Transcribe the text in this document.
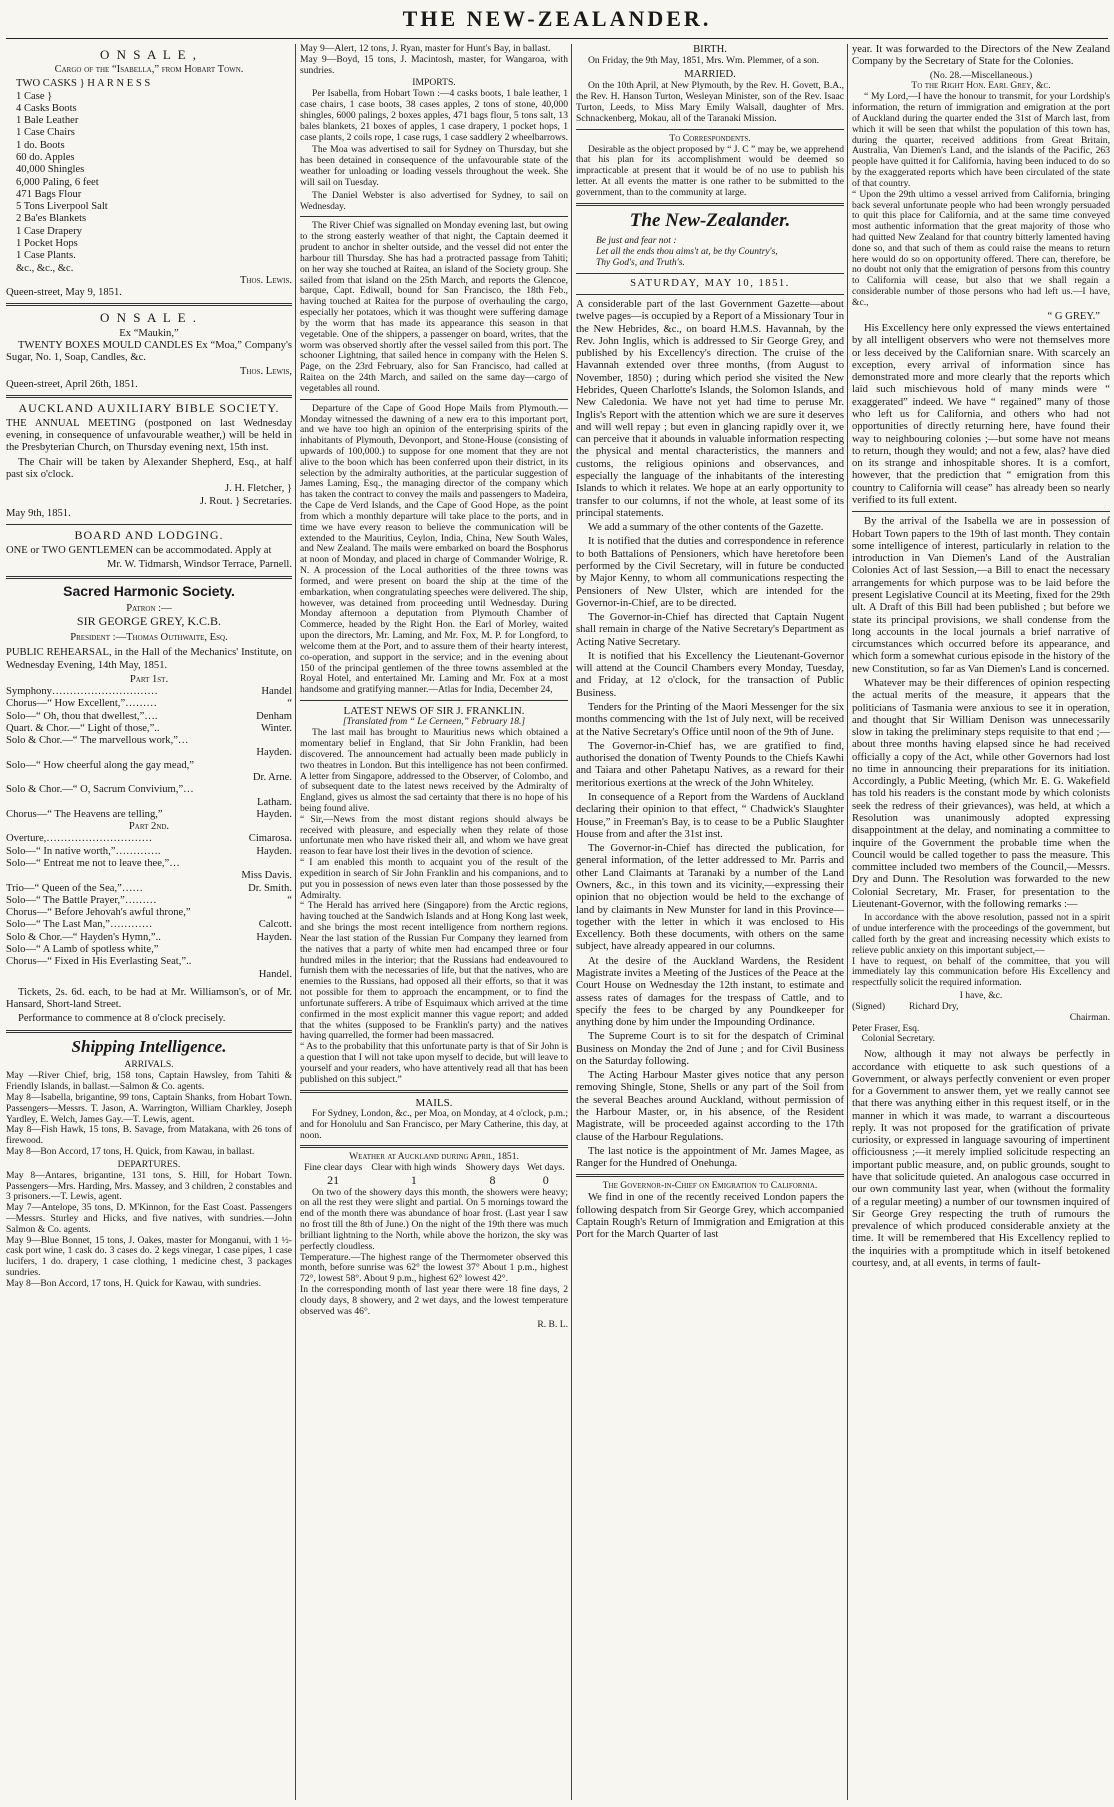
THE NEW-ZEALANDER.
O N S A L E ,
Cargo of the “Isabella,” from Hobart Town.
TWO CASKS } H A R N E S S
1 Case }
4 Casks Boots
1 Bale Leather
1 Case Chairs
1 do. Boots
60 do. Apples
40,000 Shingles
6,000 Paling, 6 feet
471 Bags Flour
5 Tons Liverpool Salt
2 Ba'es Blankets
1 Case Drapery
1 Pocket Hops
1 Case Plants.
&c., &c., &c.
Thos. Lewis.
Queen-street, May 9, 1851.
O N S A L E .
Ex “Maukin,”

TWENTY BOXES MOULD CANDLES Ex “Moa,” Company's Sugar, No. 1, Soap, Candles, &c.

Thos. Lewis,
Queen-street, April 26th, 1851.
AUCKLAND AUXILIARY BIBLE SOCIETY.

THE ANNUAL MEETING (postponed on last Wednesday evening, in consequence of unfavourable weather,) will be held in the Presbyterian Church, on Thursday evening next, 15th inst.

The Chair will be taken by Alexander Shepherd, Esq., at half past six o'clock.

J. H. Fletcher, }
J. Rout. } Secretaries.
May 9th, 1851.
BOARD AND LODGING.

ONE or TWO GENTLEMEN can be accommodated. Apply at

Mr. W. Tidmarsh, Windsor Terrace, Parnell.
Sacred Harmonic Society.
Patron :—
SIR GEORGE GREY, K.C.B.
President :—Thomas Outhwaite, Esq.

PUBLIC REHEARSAL, in the Hall of the Mechanics' Institute, on Wednesday Evening, 14th May, 1851.

Part 1st.
Symphony…………………………	Handel
Chorus—“ How Excellent,”………	“
Solo—“ Oh, thou that dwellest,”….	Denham
Quart. & Chor.—“ Light of those,”..	Winter.
Solo & Chor.—“ The marvellous work,”…
Hayden.
Solo—“ How cheerful along the gay mead,”
Dr. Arne.
Solo & Chor.—“ O, Sacrum Convivium,”…
Latham.
Chorus—“ The Heavens are telling,”	Hayden.
Part 2nd.
Overture,…………………………	Cimarosa.
Solo—“ In native worth,”………….	Hayden.
Solo—“ Entreat me not to leave thee,”…
Miss Davis.
Trio—“ Queen of the Sea,”……	Dr. Smith.
Solo—“ The Battle Prayer,”………	“
Chorus—“ Before Jehovah's awful throne,”
Solo—“ The Last Man,”…………	Calcott.
Solo & Chor.—“ Hayden's Hymn,”..	Hayden.
Solo—“ A Lamb of spotless white,”
Chorus—“ Fixed in His Everlasting Seat,”..
Handel.

Tickets, 2s. 6d. each, to be had at Mr. Williamson's, or of Mr. Hansard, Short-land Street.

Performance to commence at 8 o'clock precisely.

Shipping Intelligence.
ARRIVALS.

May —River Chief, brig, 158 tons, Captain Hawsley, from Tahiti & Friendly Islands, in ballast.—Salmon & Co. agents.
May 8—Isabella, brigantine, 99 tons, Captain Shanks, from Hobart Town. Passengers—Messrs. T. Jason, A. Warrington, William Charkley, Joseph Yardley, E. Welch, James Gay.—T. Lewis, agent.
May 8—Fish Hawk, 15 tons, B. Savage, from Matakana, with 26 tons of firewood.
May 8—Bon Accord, 17 tons, H. Quick, from Kawau, in ballast.

DEPARTURES.

May 8—Antares, brigantine, 131 tons, S. Hill, for Hobart Town. Passengers—Mrs. Harding, Mrs. Massey, and 3 children, 2 constables and 3 prisoners.—T. Lewis, agent.
May 7—Antelope, 35 tons, D. M'Kinnon, for the East Coast. Passengers—Messrs. Sturley and Hicks, and five natives, with sundries.—John Salmon & Co. agents.
May 9—Blue Bonnet, 15 tons, J. Oakes, master for Monganui, with 1 ½-cask port wine, 1 cask do. 3 cases do. 2 kegs vinegar, 1 case pipes, 1 case lucifers, 1 do. drapery, 1 case clothing, 1 medicine chest, 3 packages sundries.
May 8—Bon Accord, 17 tons, H. Quick for Kawau, with sundries.

May 9—Alert, 12 tons, J. Ryan, master for Hunt's Bay, in ballast.
May 9—Boyd, 15 tons, J. Macintosh, master, for Wangaroa, with sundries.

IMPORTS.

Per Isabella, from Hobart Town :—4 casks boots, 1 bale leather, 1 case chairs, 1 case boots, 38 cases apples, 2 tons of stone, 40,000 shingles, 6000 palings, 2 boxes apples, 471 bags flour, 5 tons salt, 13 bales blankets, 21 boxes of apples, 1 case drapery, 1 pocket hops, 1 case plants, 2 coils rope, 1 case rugs, 1 case saddlery 2 wheelbarrows.

The Moa was advertised to sail for Sydney on Thursday, but she has been detained in consequence of the unfavourable state of the weather for unloading or loading vessels throughout the week. She will sail on Tuesday.

The Daniel Webster is also advertised for Sydney, to sail on Wednesday.

The River Chief was signalled on Monday evening last, but owing to the strong easterly weather of that night, the Captain deemed it prudent to anchor in shelter outside, and the vessel did not enter the harbour till Thursday. She has had a protracted passage from Tahiti; on her way she touched at Raitea, an island of the Society group. She sailed from that island on the 25th March, and reports the Glencoe, barque, Capt. Ediwall, bound for San Francisco, the 18th Feb., having touched at Raitea for the purpose of overhauling the cargo, especially her potatoes, which it was thought were suffering damage by the worm that has made its appearance this season in that vegetable. One of the shippers, a passenger on board, writes, that the worm was observed shortly after the vessel sailed from this port. The schooner Lightning, that sailed hence in company with the Helen S. Page, on the 23rd February, also for San Francisco, had called at Raitea on the 24th March, and sailed on the same day—cargo of vegetables all round.

Departure of the Cape of Good Hope Mails from Plymouth.—Monday witnessed the dawning of a new era to this important port, and we have too high an opinion of the enterprising spirits of the inhabitants of Plymouth, Devonport, and Stone-House (consisting of upwards of 100,000.) to suppose for one moment that they are not alive to the boon which has been conferred upon their district, in its selection by the admiralty authorities, at the particular suggestion of James Laming, Esq., the managing director of the company which has taken the contract to convey the mails and passengers to Madeira, the Cape de Verd Islands, and the Cape of Good Hope, as the point from which a monthly departure will take place to the ports, and in time we have every reason to believe the communication will be extended to the Mauritius, Ceylon, India, China, New South Wales, and New Zealand. The mails were embarked on board the Bosphorus at noon of Monday, and placed in charge of Commander Wolrige, R. N. A procession of the Local authorities of the three towns was formed, and were present on board the ship at the time of the embarkation, when congratulating speeches were delivered. The ship, however, was detained from proceeding until Wednesday. During Monday afternoon a deputation from Plymouth Chamber of Commerce, headed by the Right Hon. the Earl of Morley, waited upon the directors, Mr. Laming, and Mr. Fox, M. P. for Longford, to welcome them at the Port, and to assure them of their hearty interest, co-operation, and support in the service; and in the evening about 150 of the principal gentlemen of the three towns assembled at the Royal Hotel, and entertained Mr. Laming and Mr. Fox at a most handsome and gratifying manner.—Atlas for India, December 24,

LATEST NEWS OF SIR J. FRANKLIN.
[Translated from “ Le Cerneen,” February 18.]

The last mail has brought to Mauritius news which obtained a momentary belief in England, that Sir John Franklin, had been discovered. The announcement had actually been made publicly in two theatres in London. But this intelligence has not been confirmed. A letter from Singapore, addressed to the Observer, of Colombo, and of subsequent date to the latest news received by the Admiralty of England, gives us almost the sad certainty that there is no hope of his being found alive.
“ Sir,—News from the most distant regions should always be received with pleasure, and especially when they relate of those unfortunate men who have risked their all, and whom we have great reason to fear have lost their lives in the devotion of science.
“ I am enabled this month to acquaint you of the result of the expedition in search of Sir John Franklin and his companions, and to put you in possession of news even later than those possessed by the Admiralty.
“ The Herald has arrived here (Singapore) from the Arctic regions, having touched at the Sandwich Islands and at Hong Kong last week, and she brings the most recent intelligence from northern regions. Near the last station of the Russian Fur Company they learned from the natives that a party of white men had encamped three or four hundred miles in the interior; that the Russians had endeavoured to furnish them with the necessaries of life, but that the natives, who are enemies to the Russians, had opposed all their efforts, so that it was not possible for them to approach the encampment, or to find the unfortunate sufferers. A tribe of Esquimaux which arrived at the time confirmed in the most explicit manner this vague report; and added that the whites (supposed to be Franklin's party) and the natives having quarrelled, the former had been massacred.
“ As to the probability that this unfortunate party is that of Sir John is a question that I will not take upon myself to decide, but will leave to yourself and your readers, who have attentively read all that has been published on this subject.”

MAILS.

For Sydney, London, &c., per Moa, on Monday, at 4 o'clock, p.m.; and for Honolulu and San Francisco, per Mary Catherine, this day, at noon.

Weather at Auckland during April, 1851.
Fine clear days	Clear with high winds	Showery days	Wet days.
21	1	8	0

On two of the showery days this month, the showers were heavy; on all the rest they were slight and partial. On 5 mornings toward the end of the month there was abundance of hoar frost. (Last year I saw no frost till the 8th of June.) On the night of the 19th there was much brilliant lightning to the North, while above the horizon, the sky was perfectly cloudless.
Temperature.—The highest range of the Thermometer observed this month, before sunrise was 62° the lowest 37° About 1 p.m., highest 72°, lowest 58°. About 9 p.m., highest 62° lowest 42°.
In the corresponding month of last year there were 18 fine days, 2 cloudy days, 8 showery, and 2 wet days, and the lowest temperature observed was 46°.

R. B. L.
BIRTH.

On Friday, the 9th May, 1851, Mrs. Wm. Plemmer, of a son.

MARRIED.

On the 10th April, at New Plymouth, by the Rev. H. Govett, B.A., the Rev. H. Hanson Turton, Wesleyan Minister, son of the Rev. Isaac Turton, Leeds, to Miss Mary Emily Walsall, daughter of Mrs. Schnackenberg, Mokau, all of the Taranaki Mission.

To Correspondents.

Desirable as the object proposed by “ J. C ” may be, we apprehend that his plan for its accomplishment would be deemed so impracticable at present that it would be of no use to publish his letter. At all events the matter is one rather to be submitted to the government, than to the community at large.

The New-Zealander.
Be just and fear not :
Let all the ends thou aims't at, be thy Country's,
Thy God's, and Truth's.
SATURDAY, MAY 10, 1851.

A considerable part of the last Government Gazette—about twelve pages—is occupied by a Report of a Missionary Tour in the New Hebrides, &c., on board H.M.S. Havannah, by the Rev. John Inglis, which is addressed to Sir George Grey, and published by his Excellency's direction. The cruise of the Havannah extended over three months, (from August to November, 1850) ; during which period she visited the New Hebrides, Queen Charlotte's Islands, the Solomon Islands, and New Caledonia. We have not yet had time to peruse Mr. Inglis's Report with the attention which we are sure it deserves and will well repay ; but even in glancing rapidly over it, we can perceive that it abounds in valuable information respecting the physical and mental characteristics, the manners and customs, the religious opinions and observances, and especially the language of the inhabitants of the interesting Islands to which it relates. We hope at an early opportunity to transfer to our columns, if not the whole, at least some of its principal statements.

We add a summary of the other contents of the Gazette.

It is notified that the duties and correspondence in reference to both Battalions of Pensioners, which have heretofore been performed by the Civil Secretary, will in future be conducted by Major Kenny, to whom all communications respecting the Pensioners of New Ulster, which are intended for the Governor-in-Chief, are to be directed.

The Governor-in-Chief has directed that Captain Nugent shall remain in charge of the Native Secretary's Department as Acting Native Secretary.

It is notified that his Excellency the Lieutenant-Governor will attend at the Council Chambers every Monday, Tuesday, and Friday, at 12 o'clock, for the transaction of Public Business.

Tenders for the Printing of the Maori Messenger for the six months commencing with the 1st of July next, will be received at the Native Secretary's Office until noon of the 9th of June.

The Governor-in-Chief has, we are gratified to find, authorised the donation of Twenty Pounds to the Chiefs Kawhi and Taiara and other Pahetapu Natives, as a reward for their meritorious exertions at the wreck of the John Whiteley.

In consequence of a Report from the Wardens of Auckland declaring their opinion to that effect, “ Chadwick's Slaughter House,” in Freeman's Bay, is to cease to be a Public Slaughter House from and after the 31st inst.

The Governor-in-Chief has directed the publication, for general information, of the letter addressed to Mr. Parris and other Land Claimants at Taranaki by a number of the Land Owners, &c., in this town and its vicinity,—expressing their opinion that no objection would be held to the exchange of land by claimants in New Munster for land in this Province—together with the letter in which it was enclosed to His Excellency. Both these documents, with others on the same subject, have already appeared in our columns.

At the desire of the Auckland Wardens, the Resident Magistrate invites a Meeting of the Justices of the Peace at the Court House on Wednesday the 12th instant, to estimate and assess rates of damages for the trespass of Cattle, and to specify the fees to be charged by any Poundkeeper for anything done by him under the Impounding Ordinance.

The Supreme Court is to sit for the despatch of Criminal Business on Monday the 2nd of June ; and for Civil Business on the Saturday following.

The Acting Harbour Master gives notice that any person removing Shingle, Stone, Shells or any part of the Soil from the several Beaches around Auckland, without permission of the Harbour Master, or, in his absence, of the Resident Magistrate, will be proceeded against according to the 17th clause of the Harbour Regulations.

The last notice is the appointment of Mr. James Magee, as Ranger for the Hundred of Onehunga.

The Governor-in-Chief on Emigration to California.

We find in one of the recently received London papers the following despatch from Sir George Grey, which accompanied Captain Rough's Return of Immigration and Emigration at this Port for the March Quarter of last

year. It was forwarded to the Directors of the New Zealand Company by the Secretary of State for the Colonies.

(No. 28.—Miscellaneous.)
To the Right Hon. Earl Grey, &c.

“ My Lord,—I have the honour to transmit, for your Lordship's information, the return of immigration and emigration at the port of Auckland during the quarter ended the 31st of March last, from which it will be seen that whilst the population of this town has, during the quarter, received additions from Great Britain, Australia, Van Diemen's Land, and the islands of the Pacific, 263 people have quitted it for California, having been induced to do so by the exaggerated reports which have been circulated of the state of that country.
“ Upon the 29th ultimo a vessel arrived from California, bringing back several unfortunate people who had been wrongly persuaded to quit this place for California, and at the same time conveyed most authentic information that the great majority of those who had quitted New Zealand for that country bitterly lamented having done so, and that such of them as could raise the means to return here would do so on opportunity offered. There can, therefore, be no doubt not only that the emigration of persons from this country to California will cease, but also that we shall regain a considerable number of those persons who had left us.—I have, &c.,

“ G GREY.”

His Excellency here only expressed the views entertained by all intelligent observers who were not themselves more or less deceived by the Californian snare. With scarcely an exception, every arrival of information since has demonstrated more and more clearly that the reports which laid such mischievous hold of many minds were “ exaggerated” indeed. We have “ regained” many of those who left us for California, and others who had not opportunities of directly returning here, have found their way to neighbouring colonies ;—but some have not means to return, though they would; and not a few, alas? have died on its strange and inhospitable shores. It is a comfort, however, that the prediction that “ emigration from this country to California will cease” has already been so nearly verified to its full extent.

By the arrival of the Isabella we are in possession of Hobart Town papers to the 19th of last month. They contain some intelligence of interest, particularly in relation to the introduction in Van Diemen's Land of the Australian Colonies Act of last Session,—a Bill to enact the necessary arrangements for which purpose was to be laid before the present Legislative Council at its Meeting, fixed for the 29th ult. A Draft of this Bill had been published ; but before we state its principal provisions, we shall condense from the long accounts in the local journals a brief narrative of circumstances which occurred before its appearance, and which form a somewhat curious episode in the history of the new Constitution, so far as Van Diemen's Land is concerned.

Whatever may be their differences of opinion respecting the actual merits of the measure, it appears that the politicians of Tasmania were anxious to see it in operation, and thought that Sir William Denison was unnecessarily slow in taking the preliminary steps requisite to that end ;—about three months having elapsed since he had received officially a copy of the Act, while other Governors had lost no time in announcing their preparations for its initiation. Accordingly, a Public Meeting, (which Mr. E. G. Wakefield has told his readers is the constant mode by which colonists seek the redress of their grievances), was held, at which a Resolution was unanimously adopted expressing disappointment at the delay, and nominating a committee to inquire of the Government the probable time when the Council would be called together to pass the measure. This committee included two members of the Council,—Messrs. Dry and Dunn. The Resolution was forwarded to the new Colonial Secretary, Mr. Fraser, for presentation to the Lieutenant-Governor, with the following remarks :—

In accordance with the above resolution, passed not in a spirit of undue interference with the proceedings of the government, but called forth by the great and increasing necessity which exists to relieve public anxiety on this important subject,—
I have to request, on behalf of the committee, that you will immediately lay this communication before His Excellency and respectfully solicit the required information.

I have, &c.
(Signed)          Richard Dry,
Chairman.
Peter Fraser, Esq.
Colonial Secretary.

Now, although it may not always be perfectly in accordance with etiquette to ask such questions of a Government, or always perfectly convenient or even proper for a Government to answer them, yet we really cannot see that there was anything either in this request itself, or in the manner in which it was made, to warrant a discourteous reply. It was not proposed for the gratification of private curiosity, or expressed in language savouring of impertinent officiousness ;—it merely implied solicitude respecting an important public measure, and, on public grounds, sought to have that solicitude quieted. An analogous case occurred in our own community last year, when (without the formality of a regular meeting) a number of our townsmen inquired of Sir George Grey respecting the truth of rumours the prevalence of which produced considerable anxiety at the time. It will be remembered that His Excellency replied to the inquiries with a promptitude which in itself betokened courtesy, and, at all events, in terms of fault-
